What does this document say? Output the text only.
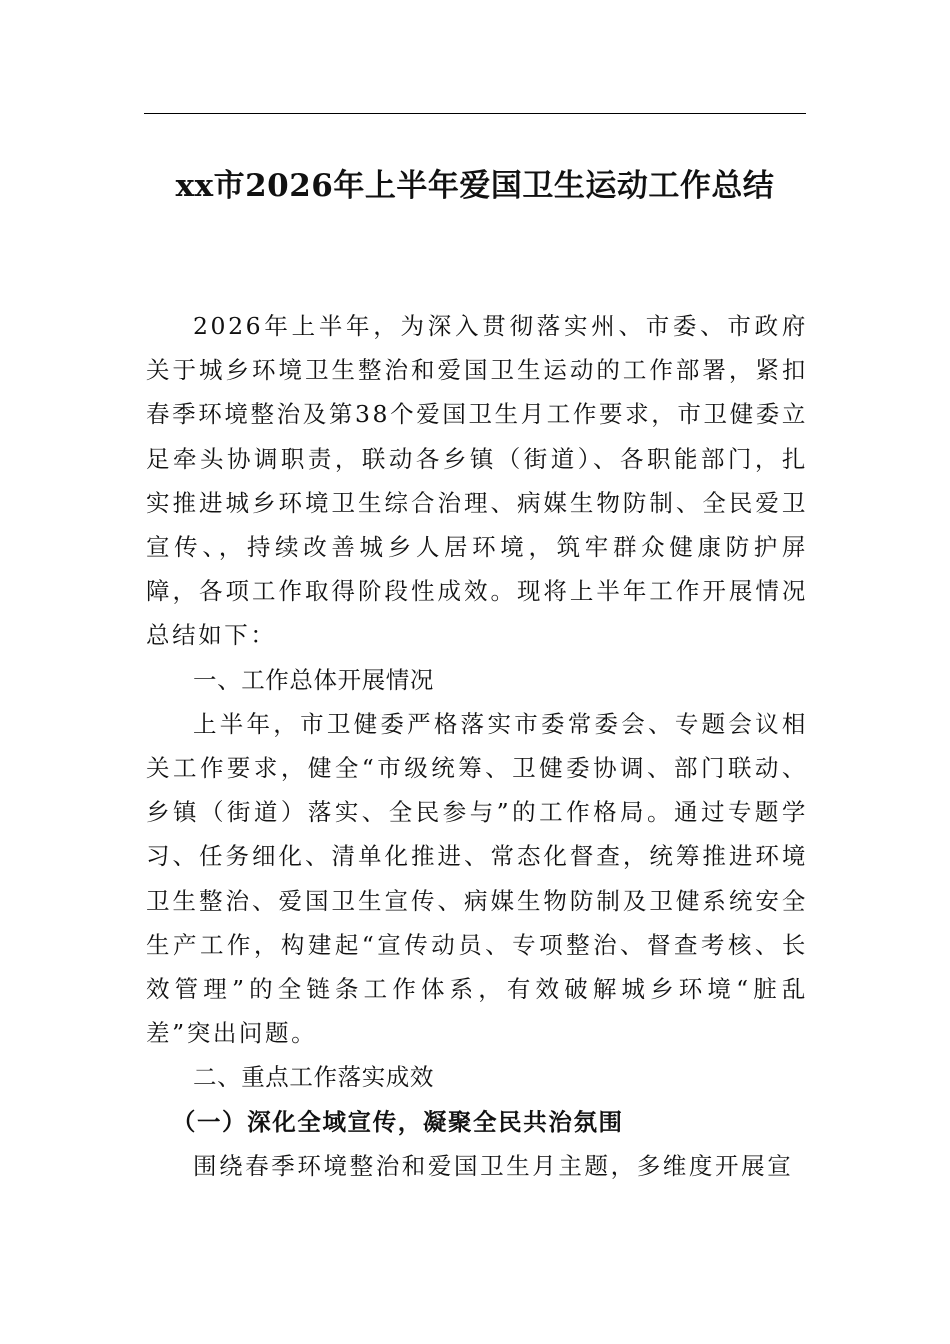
xx市2026年上半年爱国卫生运动工作总结

2026年上半年，为深入贯彻落实州、市委、市政府关于城乡环境卫生整治和爱国卫生运动的工作部署，紧扣春季环境整治及第38个爱国卫生月工作要求，市卫健委立足牵头协调职责，联动各乡镇（街道）、各职能部门，扎实推进城乡环境卫生综合治理、病媒生物防制、全民爱卫宣传、，持续改善城乡人居环境，筑牢群众健康防护屏障，各项工作取得阶段性成效。现将上半年工作开展情况总结如下：

一、工作总体开展情况

上半年，市卫健委严格落实市委常委会、专题会议相关工作要求，健全“市级统筹、卫健委协调、部门联动、乡镇（街道）落实、全民参与”的工作格局。通过专题学习、任务细化、清单化推进、常态化督查，统筹推进环境卫生整治、爱国卫生宣传、病媒生物防制及卫健系统安全生产工作，构建起“宣传动员、专项整治、督查考核、长效管理”的全链条工作体系，有效破解城乡环境“脏乱差”突出问题。

二、重点工作落实成效

（一）深化全域宣传，凝聚全民共治氛围

围绕春季环境整治和爱国卫生月主题，多维度开展宣
